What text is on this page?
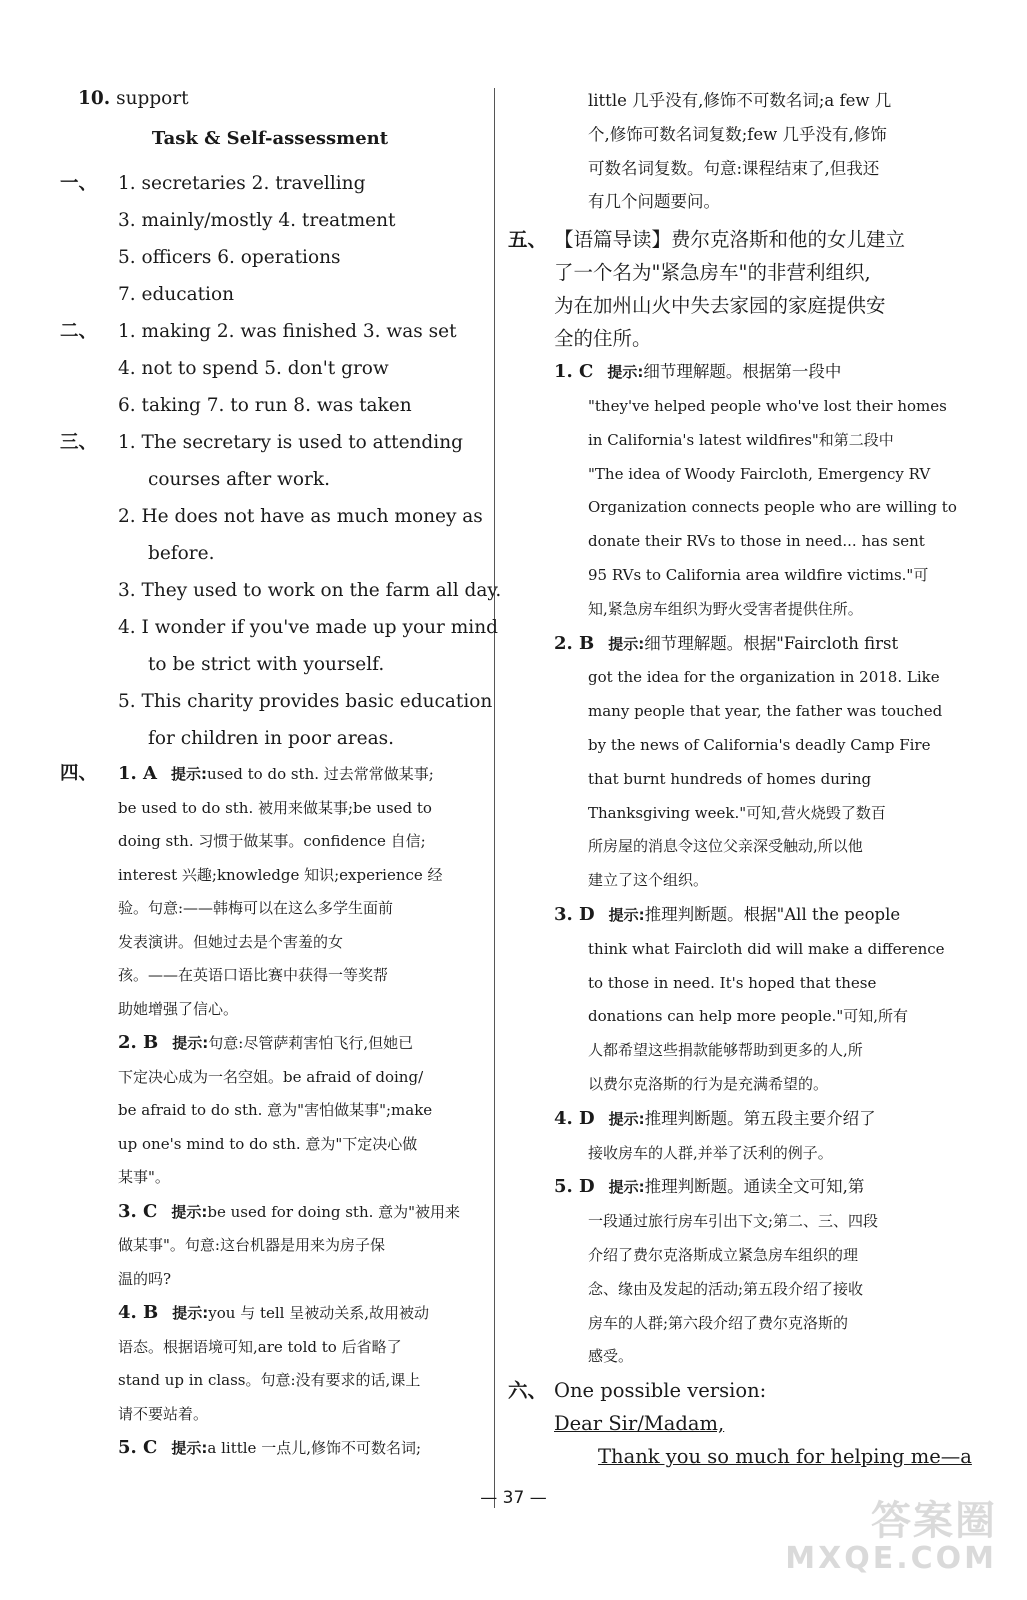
10. support
Task & Self-assessment
一、 1. secretaries 2. travelling
3. mainly/mostly 4. treatment
5. officers 6. operations
7. education
二、 1. making 2. was finished 3. was set
4. not to spend 5. don't grow
6. taking 7. to run 8. was taken
三、 1. The secretary is used to attending
courses after work.
2. He does not have as much money as
before.
3. They used to work on the farm all day.
4. I wonder if you've made up your mind
to be strict with yourself.
5. This charity provides basic education
for children in poor areas.
四、 1. A 提示:used to do sth. 过去常常做某事;
be used to do sth. 被用来做某事;be used to
doing sth. 习惯于做某事。confidence 自信;
interest 兴趣;knowledge 知识;experience 经
验。句意:——韩梅可以在这么多学生面前
发表演讲。但她过去是个害羞的女
孩。——在英语口语比赛中获得一等奖帮
助她增强了信心。
2. B 提示:句意:尽管萨莉害怕飞行,但她已
下定决心成为一名空姐。be afraid of doing/
be afraid to do sth. 意为"害怕做某事";make
up one's mind to do sth. 意为"下定决心做
某事"。
3. C 提示:be used for doing sth. 意为"被用来
做某事"。句意:这台机器是用来为房子保
温的吗?
4. B 提示:you 与 tell 呈被动关系,故用被动
语态。根据语境可知,are told to 后省略了
stand up in class。句意:没有要求的话,课上
请不要站着。
5. C 提示:a little 一点儿,修饰不可数名词;
little 几乎没有,修饰不可数名词;a few 几
个,修饰可数名词复数;few 几乎没有,修饰
可数名词复数。句意:课程结束了,但我还
有几个问题要问。
五、 【语篇导读】费尔克洛斯和他的女儿建立
了一个名为"紧急房车"的非营利组织,
为在加州山火中失去家园的家庭提供安
全的住所。
1. C 提示:细节理解题。根据第一段中
"they've helped people who've lost their homes
in California's latest wildfires"和第二段中
"The idea of Woody Faircloth, Emergency RV
Organization connects people who are willing to
donate their RVs to those in need... has sent
95 RVs to California area wildfire victims."可
知,紧急房车组织为野火受害者提供住所。
2. B 提示:细节理解题。根据"Faircloth first
got the idea for the organization in 2018. Like
many people that year, the father was touched
by the news of California's deadly Camp Fire
that burnt hundreds of homes during
Thanksgiving week."可知,营火烧毁了数百
所房屋的消息令这位父亲深受触动,所以他
建立了这个组织。
3. D 提示:推理判断题。根据"All the people
think what Faircloth did will make a difference
to those in need. It's hoped that these
donations can help more people."可知,所有
人都希望这些捐款能够帮助到更多的人,所
以费尔克洛斯的行为是充满希望的。
4. D 提示:推理判断题。第五段主要介绍了
接收房车的人群,并举了沃利的例子。
5. D 提示:推理判断题。通读全文可知,第
一段通过旅行房车引出下文;第二、三、四段
介绍了费尔克洛斯成立紧急房车组织的理
念、缘由及发起的活动;第五段介绍了接收
房车的人群;第六段介绍了费尔克洛斯的
感受。
六、 One possible version:
Dear Sir/Madam,
Thank you so much for helping me—a
— 37 —	答案圈
MXQE.COM
